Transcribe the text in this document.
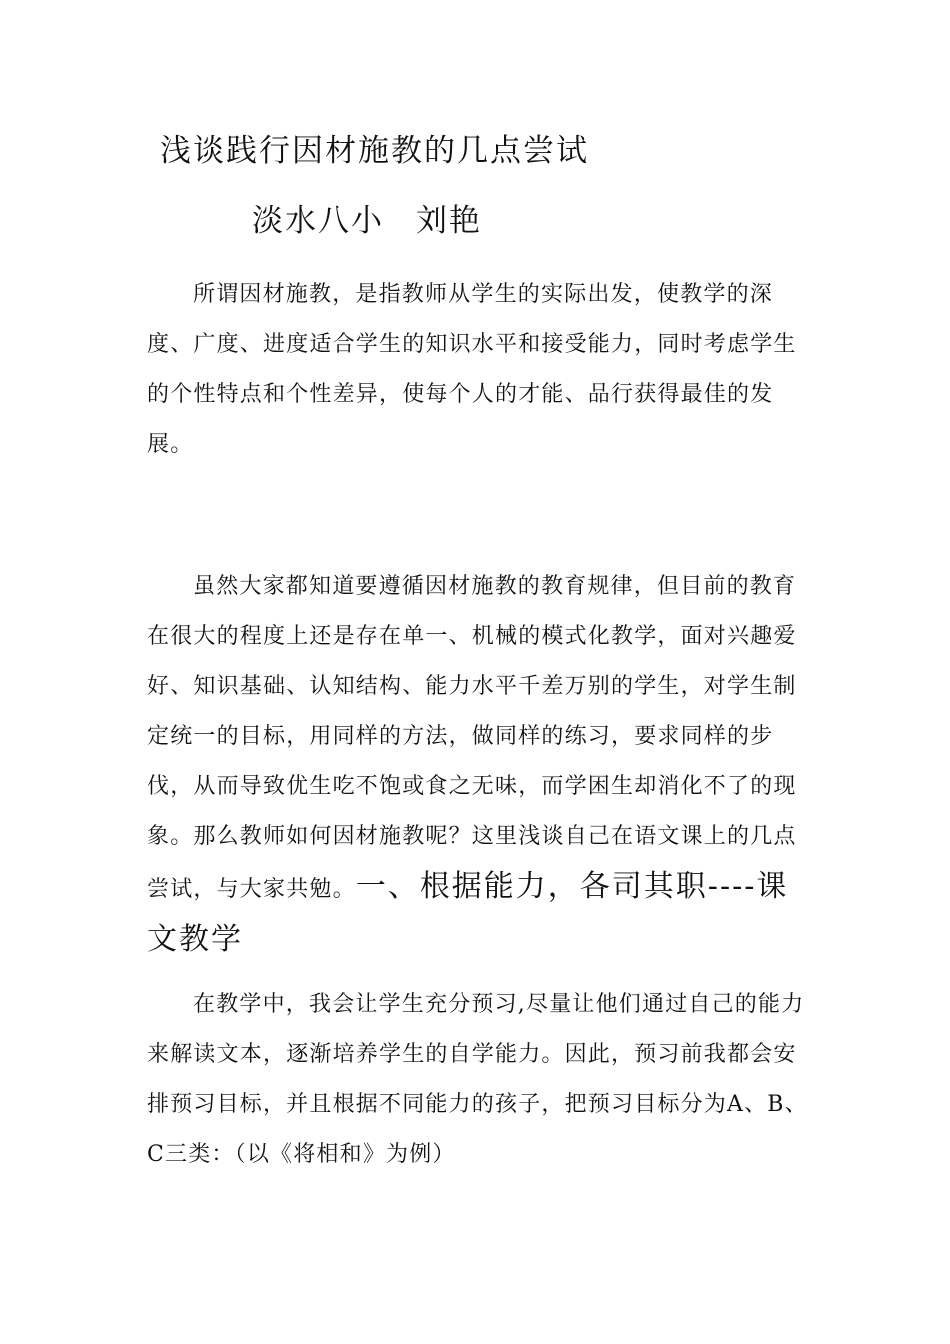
浅谈践行因材施教的几点尝试
淡水八小 刘艳

所谓因材施教，是指教师从学生的实际出发，使教学的深度、广度、进度适合学生的知识水平和接受能力，同时考虑学生的个性特点和个性差异，使每个人的才能、品行获得最佳的发展。

虽然大家都知道要遵循因材施教的教育规律，但目前的教育在很大的程度上还是存在单一、机械的模式化教学，面对兴趣爱好、知识基础、认知结构、能力水平千差万别的学生，对学生制定统一的目标，用同样的方法，做同样的练习，要求同样的步伐，从而导致优生吃不饱或食之无味，而学困生却消化不了的现象。那么教师如何因材施教呢？这里浅谈自己在语文课上的几点尝试，与大家共勉。一、根据能力，各司其职----课文教学

在教学中，我会让学生充分预习,尽量让他们通过自己的能力来解读文本，逐渐培养学生的自学能力。因此，预习前我都会安排预习目标，并且根据不同能力的孩子，把预习目标分为A、B、C三类：（以《将相和》为例）
